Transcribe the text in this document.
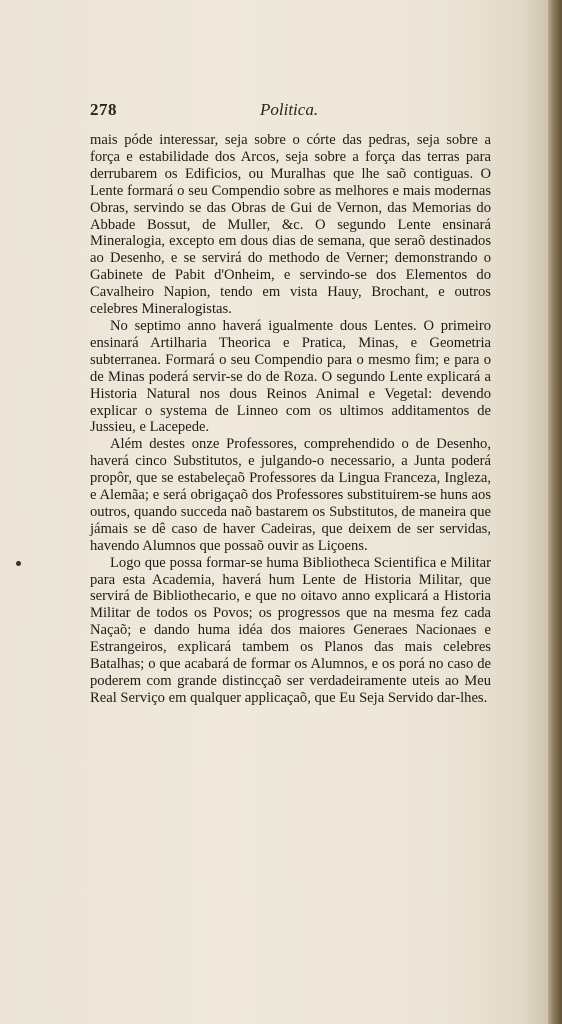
278	Politica.

mais póde interessar, seja sobre o córte das pedras, seja sobre a força e estabilidade dos Arcos, seja sobre a força das terras para derrubarem os Edificios, ou Muralhas que lhe saõ contiguas. O Lente formará o seu Compendio sobre as melhores e mais modernas Obras, servindo se das Obras de Gui de Vernon, das Memorias do Abbade Bossut, de Muller, &c. O segundo Lente ensinará Mineralogia, excepto em dous dias de semana, que seraõ destinados ao Desenho, e se servirá do methodo de Verner; demonstrando o Gabinete de Pabit d'Onheim, e servindo-se dos Elementos do Cavalheiro Napion, tendo em vista Hauy, Brochant, e outros celebres Mineralogistas.

No septimo anno haverá igualmente dous Lentes. O primeiro ensinará Artilharia Theorica e Pratica, Minas, e Geometria subterranea. Formará o seu Compendio para o mesmo fim; e para o de Minas poderá servir-se do de Roza. O segundo Lente explicará a Historia Natural nos dous Reinos Animal e Vegetal: devendo explicar o systema de Linneo com os ultimos additamentos de Jussieu, e Lacepede.

Além destes onze Professores, comprehendido o de Desenho, haverá cinco Substitutos, e julgando-o necessario, a Junta poderá propôr, que se estabeleçaõ Professores da Lingua Franceza, Ingleza, e Alemãa; e será obrigaçaõ dos Professores substituirem-se huns aos outros, quando succeda naõ bastarem os Substitutos, de maneira que jámais se dê caso de haver Cadeiras, que deixem de ser servidas, havendo Alumnos que possaõ ouvir as Liçoens.

Logo que possa formar-se huma Bibliotheca Scientifica e Militar para esta Academia, haverá hum Lente de Historia Militar, que servirá de Bibliothecario, e que no oitavo anno explicará a Historia Militar de todos os Povos; os progressos que na mesma fez cada Naçaõ; e dando huma idéa dos maiores Generaes Nacionaes e Estrangeiros, explicará tambem os Planos das mais celebres Batalhas; o que acabará de formar os Alumnos, e os porá no caso de poderem com grande distincçaõ ser verdadeiramente uteis ao Meu Real Serviço em qualquer applicaçaõ, que Eu Seja Servido dar-lhes.
